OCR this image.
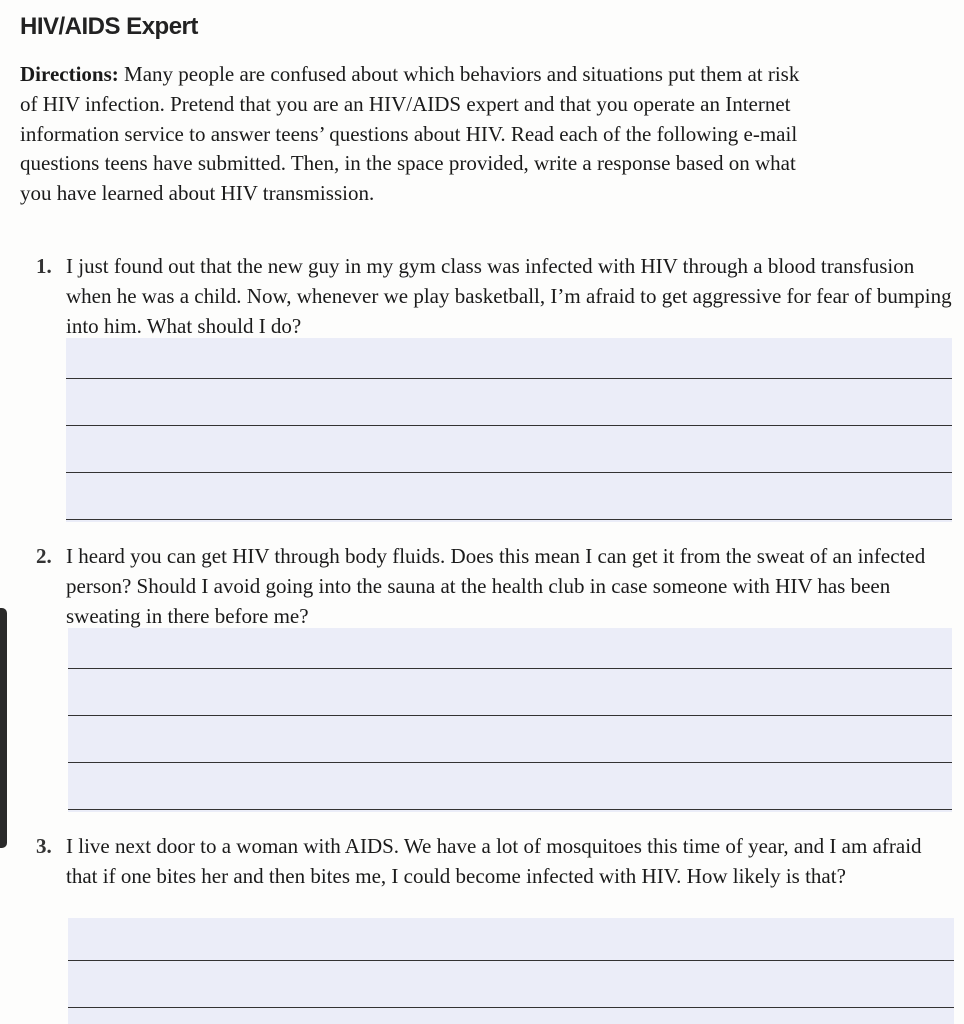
HIV/AIDS Expert
Directions: Many people are confused about which behaviors and situations put them at risk of HIV infection. Pretend that you are an HIV/AIDS expert and that you operate an Internet information service to answer teens’ questions about HIV. Read each of the following e-mail questions teens have submitted. Then, in the space provided, write a response based on what you have learned about HIV transmission.
1. I just found out that the new guy in my gym class was infected with HIV through a blood transfusion when he was a child. Now, whenever we play basketball, I’m afraid to get aggressive for fear of bumping into him. What should I do?
2. I heard you can get HIV through body fluids. Does this mean I can get it from the sweat of an infected person? Should I avoid going into the sauna at the health club in case someone with HIV has been sweating in there before me?
3. I live next door to a woman with AIDS. We have a lot of mosquitoes this time of year, and I am afraid that if one bites her and then bites me, I could become infected with HIV. How likely is that?
